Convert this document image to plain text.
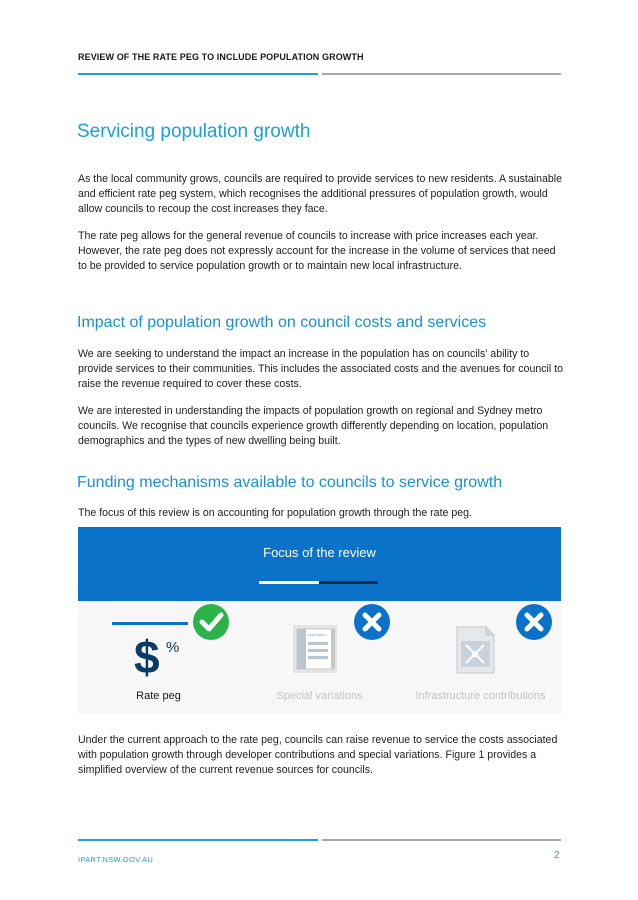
REVIEW OF THE RATE PEG TO INCLUDE POPULATION GROWTH
Servicing population growth

As the local community grows, councils are required to provide services to new residents. A sustainable and efficient rate peg system, which recognises the additional pressures of population growth, would allow councils to recoup the cost increases they face.

The rate peg allows for the general revenue of councils to increase with price increases each year. However, the rate peg does not expressly account for the increase in the volume of services that need to be provided to service population growth or to maintain new local infrastructure.

Impact of population growth on council costs and services

We are seeking to understand the impact an increase in the population has on councils' ability to provide services to their communities. This includes the associated costs and the avenues for council to raise the revenue required to cover these costs.

We are interested in understanding the impacts of population growth on regional and Sydney metro councils. We recognise that councils experience growth differently depending on location, population demographics and the types of new dwelling being built.

Funding mechanisms available to councils to service growth

The focus of this review is on accounting for population growth through the rate peg.

Focus of the review
$ %
Rate peg
Application
Special variations	Infrastructure contributions

Under the current approach to the rate peg, councils can raise revenue to service the costs associated with population growth through developer contributions and special variations. Figure 1 provides a simplified overview of the current revenue sources for councils.

IPART.NSW.GOV.AU	2
